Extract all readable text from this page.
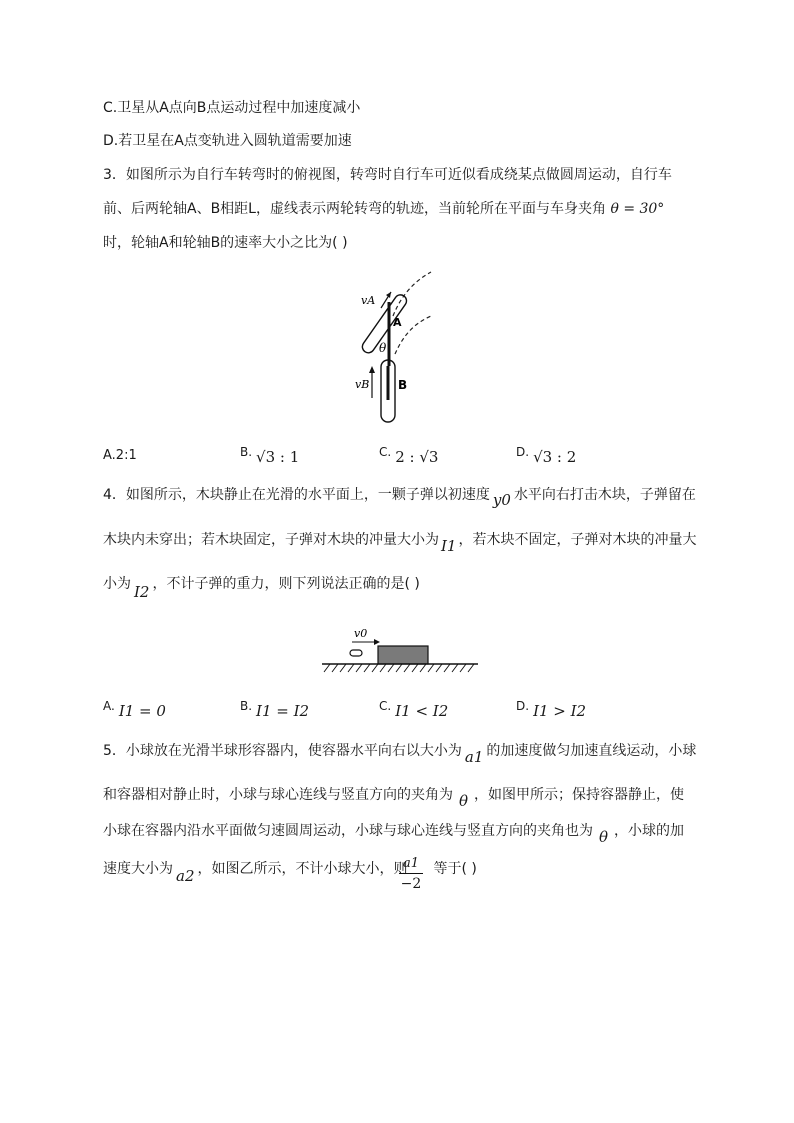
C.卫星从A点向B点运动过程中加速度减小
D.若卫星在A点变轨进入圆轨道需要加速
3．如图所示为自行车转弯时的俯视图，转弯时自行车可近似看成绕某点做圆周运动，自行车
前、后两轮轴A、B相距L，虚线表示两轮转弯的轨迹，当前轮所在平面与车身夹角 θ = 30°
时，轮轴A和轮轴B的速率大小之比为( )
vA
A
θ
vB B
A.2:1	B. √3 : 1	C. 2 : √3	D. √3 : 2
4．如图所示，木块静止在光滑的水平面上，一颗子弹以初速度 y0 水平向右打击木块，子弹留在
木块内未穿出；若木块固定，子弹对木块的冲量大小为 I1 ，若木块不固定，子弹对木块的冲量大
小为 I2 ，不计子弹的重力，则下列说法正确的是( )
v0
A. I1 = 0	B. I1 = I2	C. I1 < I2	D. I1 > I2
5．小球放在光滑半球形容器内，使容器水平向右以大小为 a1 的加速度做匀加速直线运动，小球
和容器相对静止时，小球与球心连线与竖直方向的夹角为 θ ，如图甲所示；保持容器静止，使
小球在容器内沿水平面做匀速圆周运动，小球与球心连线与竖直方向的夹角也为 θ ，小球的加
速度大小为 a2 ，如图乙所示，不计小球大小，则 等于( )
a1
−2
